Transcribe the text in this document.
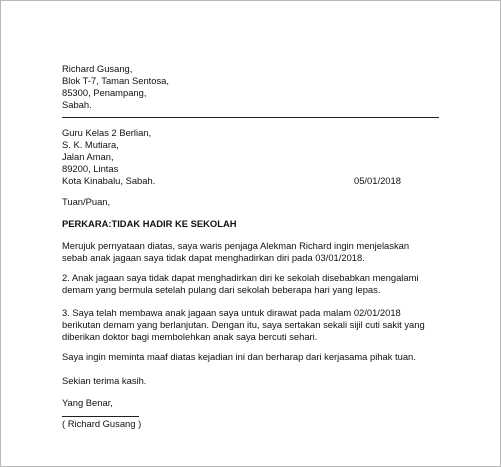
Richard Gusang,
Blok T-7, Taman Sentosa,
85300, Penampang,
Sabah.
Guru Kelas 2 Berlian,
S. K. Mutiara,
Jalan Aman,
89200, Lintas
Kota Kinabalu, Sabah.	05/01/2018
Tuan/Puan,
PERKARA:TIDAK HADIR KE SEKOLAH
Merujuk pernyataan diatas, saya waris penjaga Alekman Richard ingin menjelaskan
sebab anak jagaan saya tidak dapat menghadirkan diri pada 03/01/2018.
2. Anak jagaan saya tidak dapat menghadirkan diri ke sekolah disebabkan mengalami
demam yang bermula setelah pulang dari sekolah beberapa hari yang lepas.
3. Saya telah membawa anak jagaan saya untuk dirawat pada malam 02/01/2018
berikutan demam yang berlanjutan. Dengan itu, saya sertakan sekali sijil cuti sakit yang
diberikan doktor bagi membolehkan anak saya bercuti sehari.
Saya ingin meminta maaf diatas kejadian ini dan berharap dari kerjasama pihak tuan.
Sekian terima kasih.
Yang Benar,
( Richard Gusang )
